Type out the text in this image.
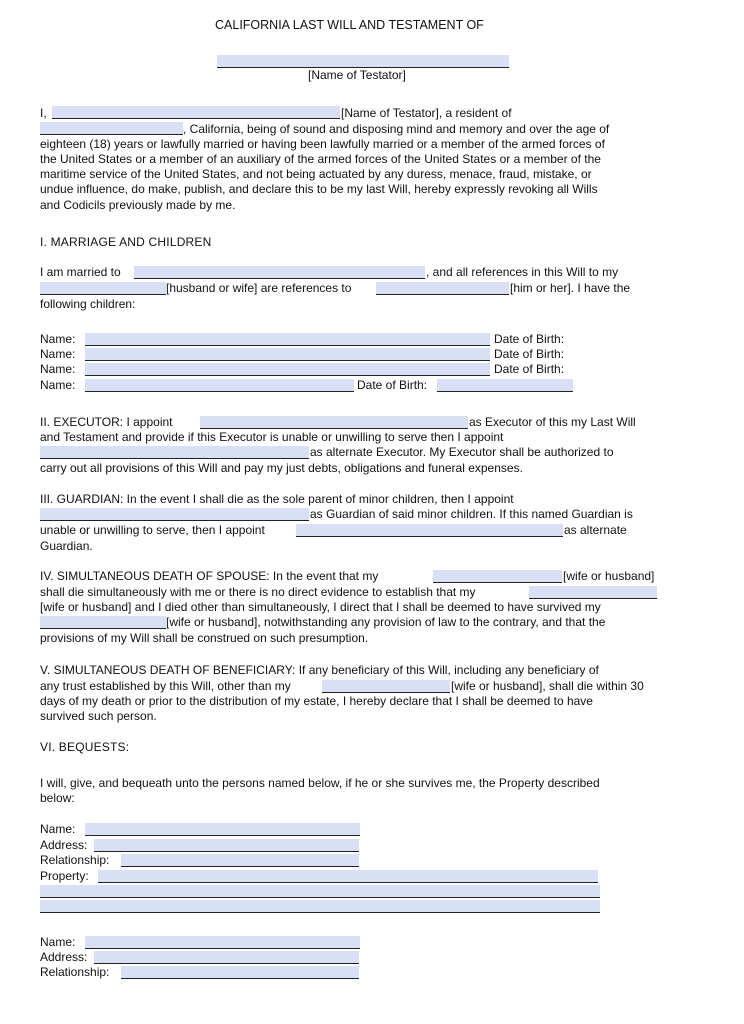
CALIFORNIA LAST WILL AND TESTAMENT OF
[Name of Testator]
I,	[Name of Testator], a resident of
, California, being of sound and disposing mind and memory and over the age of
eighteen (18) years or lawfully married or having been lawfully married or a member of the armed forces of
the United States or a member of an auxiliary of the armed forces of the United States or a member of the
maritime service of the United States, and not being actuated by any duress, menace, fraud, mistake, or
undue influence, do make, publish, and declare this to be my last Will, hereby expressly revoking all Wills
and Codicils previously made by me.
I. MARRIAGE AND CHILDREN
I am married to	, and all references in this Will to my
[husband or wife] are references to	[him or her]. I have the
following children:
Name:	Date of Birth:
Name:	Date of Birth:
Name:	Date of Birth:
Name:	Date of Birth:
II. EXECUTOR: I appoint	as Executor of this my Last Will
and Testament and provide if this Executor is unable or unwilling to serve then I appoint
as alternate Executor. My Executor shall be authorized to
carry out all provisions of this Will and pay my just debts, obligations and funeral expenses.
III. GUARDIAN: In the event I shall die as the sole parent of minor children, then I appoint
as Guardian of said minor children. If this named Guardian is
unable or unwilling to serve, then I appoint	as alternate
Guardian.
IV. SIMULTANEOUS DEATH OF SPOUSE: In the event that my	[wife or husband]
shall die simultaneously with me or there is no direct evidence to establish that my
[wife or husband] and I died other than simultaneously, I direct that I shall be deemed to have survived my
[wife or husband], notwithstanding any provision of law to the contrary, and that the
provisions of my Will shall be construed on such presumption.
V. SIMULTANEOUS DEATH OF BENEFICIARY: If any beneficiary of this Will, including any beneficiary of
any trust established by this Will, other than my	[wife or husband], shall die within 30
days of my death or prior to the distribution of my estate, I hereby declare that I shall be deemed to have
survived such person.
VI. BEQUESTS:
I will, give, and bequeath unto the persons named below, if he or she survives me, the Property described
below:
Name:
Address:
Relationship:
Property:
Name:
Address:
Relationship:
